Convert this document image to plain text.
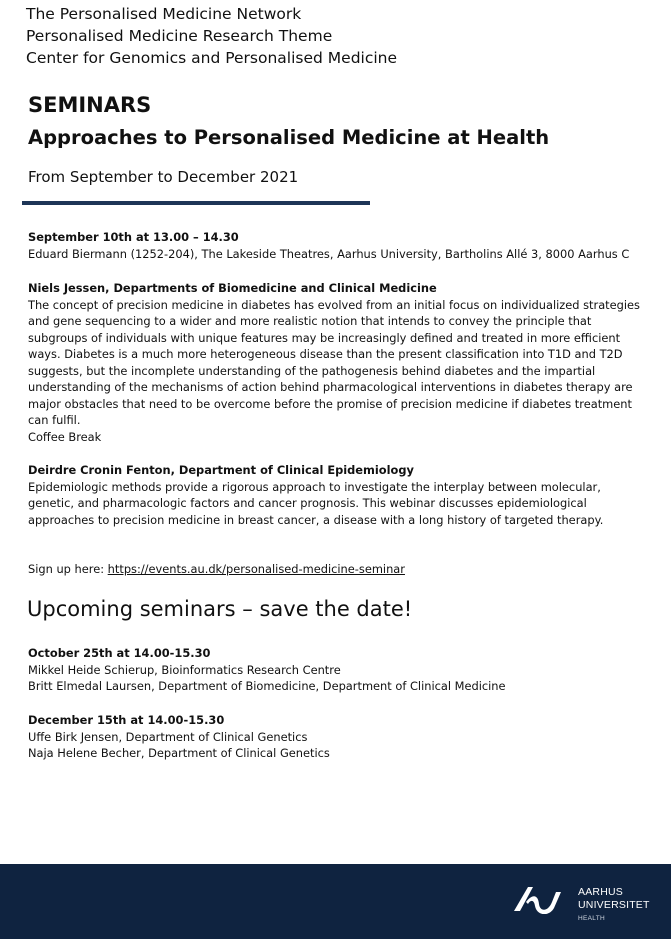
The Personalised Medicine Network
Personalised Medicine Research Theme
Center for Genomics and Personalised Medicine
SEMINARS
Approaches to Personalised Medicine at Health
From September to December 2021

September 10th at 13.00 – 14.30

Eduard Biermann (1252-204), The Lakeside Theatres, Aarhus University, Bartholins Allé 3, 8000 Aarhus C

Niels Jessen, Departments of Biomedicine and Clinical Medicine

The concept of precision medicine in diabetes has evolved from an initial focus on individualized strategies and gene sequencing to a wider and more realistic notion that intends to convey the principle that subgroups of individuals with unique features may be increasingly defined and treated in more efficient ways. Diabetes is a much more heterogeneous disease than the present classification into T1D and T2D suggests, but the incomplete understanding of the pathogenesis behind diabetes and the impartial understanding of the mechanisms of action behind pharmacological interventions in diabetes therapy are major obstacles that need to be overcome before the promise of precision medicine if diabetes treatment can fulfil.

Coffee Break

Deirdre Cronin Fenton, Department of Clinical Epidemiology

Epidemiologic methods provide a rigorous approach to investigate the interplay between molecular, genetic, and pharmacologic factors and cancer prognosis. This webinar discusses epidemiological approaches to precision medicine in breast cancer, a disease with a long history of targeted therapy.

Sign up here: https://events.au.dk/personalised-medicine-seminar

Upcoming seminars – save the date!

October 25th at 14.00-15.30

Mikkel Heide Schierup, Bioinformatics Research Centre

Britt Elmedal Laursen, Department of Biomedicine, Department of Clinical Medicine

December 15th at 14.00-15.30

Uffe Birk Jensen, Department of Clinical Genetics

Naja Helene Becher, Department of Clinical Genetics

AARHUS
UNIVERSITET
HEALTH
